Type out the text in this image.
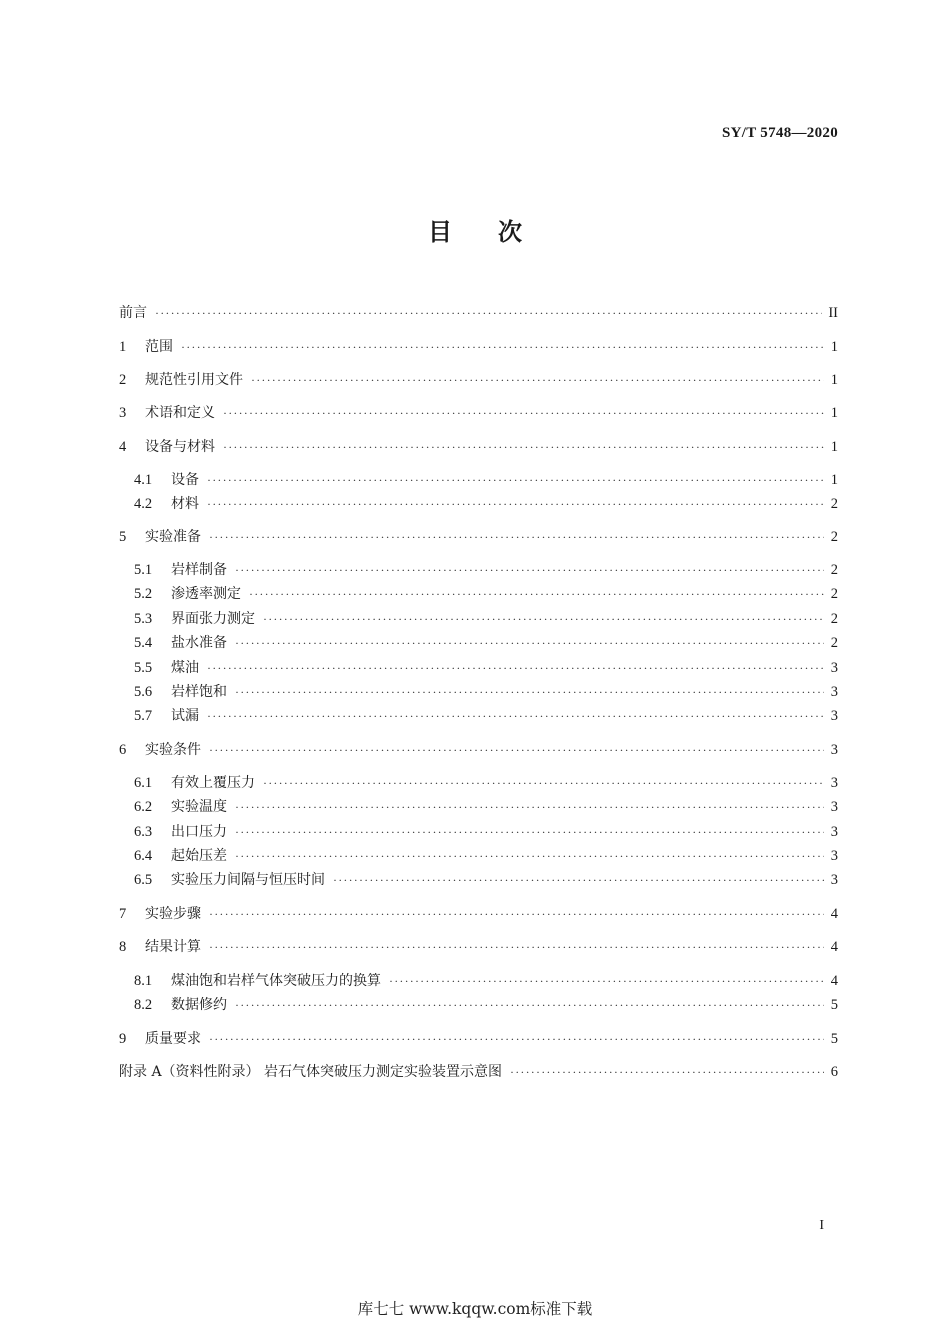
SY/T 5748—2020
目 次
前言 ·····	II
1	范围 ·····	1
2	规范性引用文件 ·····	1
3	术语和定义 ·····	1
4	设备与材料 ·····	1
4.1	设备 ·····	1
4.2	材料 ·····	2
5	实验准备 ·····	2
5.1	岩样制备 ·····	2
5.2	渗透率测定 ·····	2
5.3	界面张力测定 ·····	2
5.4	盐水准备 ·····	2
5.5	煤油 ·····	3
5.6	岩样饱和 ·····	3
5.7	试漏 ·····	3
6	实验条件 ·····	3
6.1	有效上覆压力 ·····	3
6.2	实验温度 ·····	3
6.3	出口压力 ·····	3
6.4	起始压差 ·····	3
6.5	实验压力间隔与恒压时间 ·····	3
7	实验步骤 ·····	4
8	结果计算 ·····	4
8.1	煤油饱和岩样气体突破压力的换算 ·····	4
8.2	数据修约 ·····	5
9	质量要求 ·····	5
附录 A（资料性附录） 岩石气体突破压力测定实验装置示意图 ·····	6
I
库七七 www.kqqw.com标准下载
